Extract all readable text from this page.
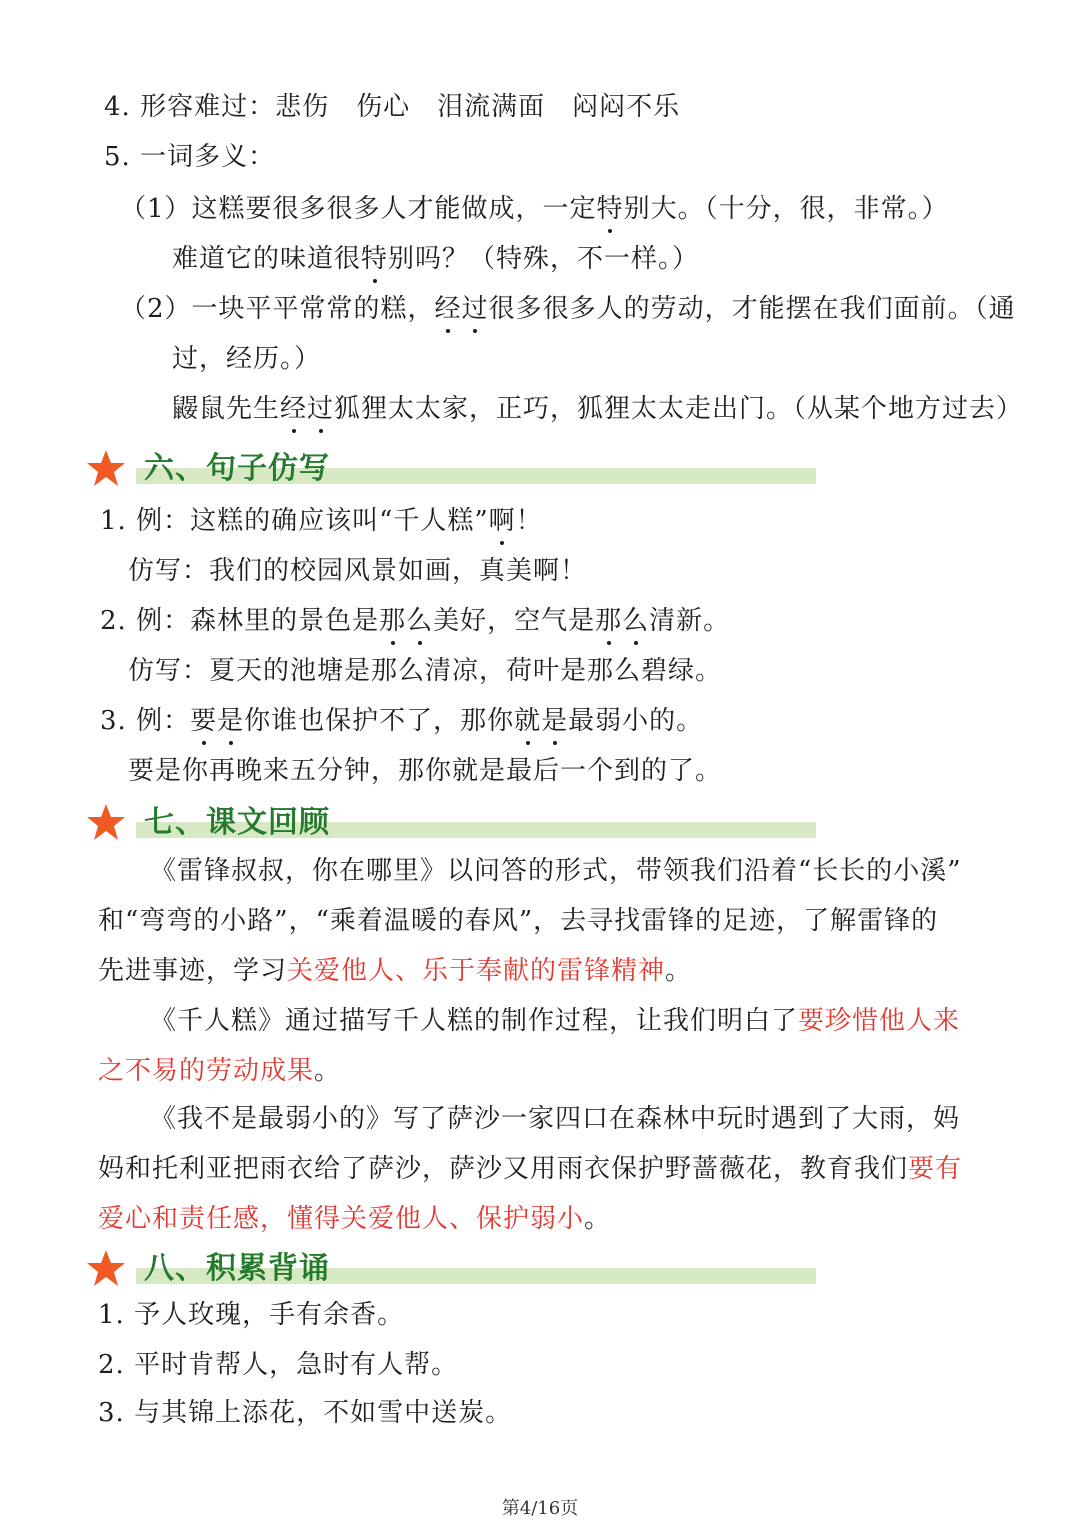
4. 形容难过：悲伤　伤心　泪流满面　闷闷不乐
5. 一词多义：
（1）这糕要很多很多人才能做成，一定特别大。（十分，很，非常。）
难道它的味道很特别吗？（特殊，不一样。）
（2）一块平平常常的糕，经过很多很多人的劳动，才能摆在我们面前。（通
过，经历。）
鼹鼠先生经过狐狸太太家，正巧，狐狸太太走出门。（从某个地方过去）
六、句子仿写
1. 例：这糕的确应该叫“千人糕”啊！
仿写：我们的校园风景如画，真美啊！
2. 例：森林里的景色是那么美好，空气是那么清新。
仿写：夏天的池塘是那么清凉，荷叶是那么碧绿。
3. 例：要是你谁也保护不了，那你就是最弱小的。
要是你再晚来五分钟，那你就是最后一个到的了。
七、课文回顾
《雷锋叔叔，你在哪里》以问答的形式，带领我们沿着“长长的小溪”
和“弯弯的小路”，“乘着温暖的春风”，去寻找雷锋的足迹，了解雷锋的
先进事迹，学习关爱他人、乐于奉献的雷锋精神。
《千人糕》通过描写千人糕的制作过程，让我们明白了要珍惜他人来
之不易的劳动成果。
《我不是最弱小的》写了萨沙一家四口在森林中玩时遇到了大雨，妈
妈和托利亚把雨衣给了萨沙，萨沙又用雨衣保护野蔷薇花，教育我们要有
爱心和责任感，懂得关爱他人、保护弱小。
八、积累背诵
1. 予人玫瑰，手有余香。
2. 平时肯帮人，急时有人帮。
3. 与其锦上添花，不如雪中送炭。
第4/16页
